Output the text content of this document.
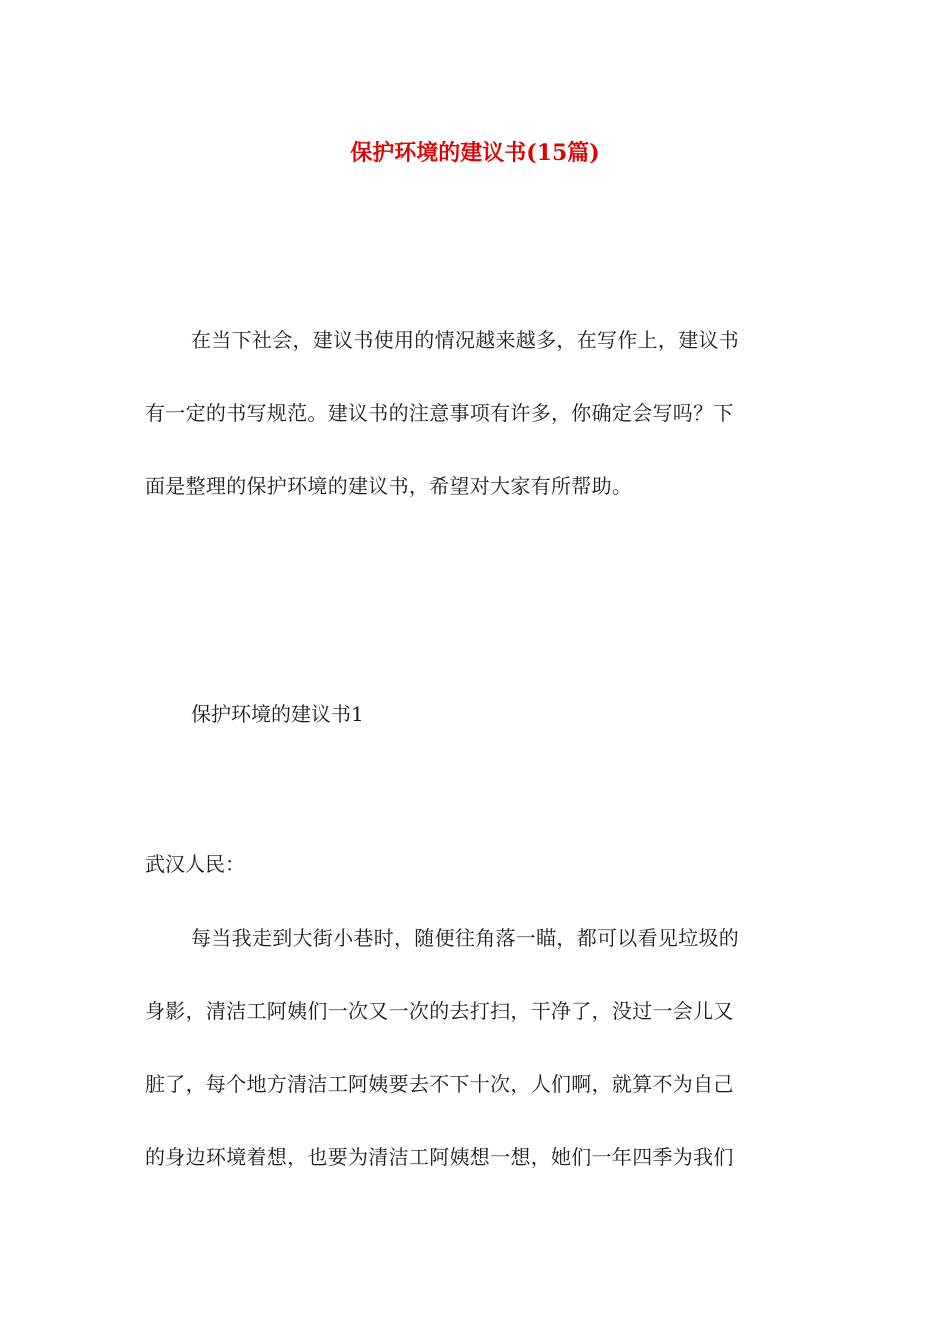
保护环境的建议书(15篇)

在当下社会，建议书使用的情况越来越多，在写作上，建议书
有一定的书写规范。建议书的注意事项有许多，你确定会写吗？下
面是整理的保护环境的建议书，希望对大家有所帮助。

保护环境的建议书1
武汉人民：

每当我走到大街小巷时，随便往角落一瞄，都可以看见垃圾的
身影，清洁工阿姨们一次又一次的去打扫，干净了，没过一会儿又
脏了，每个地方清洁工阿姨要去不下十次，人们啊，就算不为自己
的身边环境着想，也要为清洁工阿姨想一想，她们一年四季为我们
